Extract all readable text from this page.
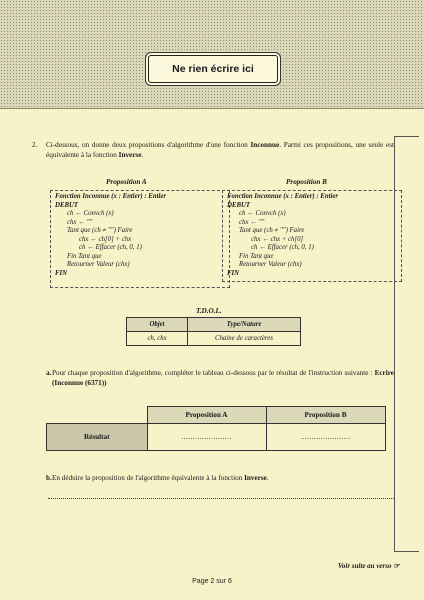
Ne rien écrire ici
2.	Ci-dessous, on donne deux propositions d'algorithme d'une fonction Inconnue. Parmi ces propositions, une seule est équivalente à la fonction Inverse.
Proposition A	Proposition B
Fonction Inconnue (x : Entier) : Entier
DEBUT
ch ← Convch (x)
chx ← ""
Tant que (ch ≠ "") Faire
chx ← ch[0] + chx
ch ← Effacer (ch, 0, 1)
Fin Tant que
Retourner Valeur (chx)
FIN
Fonction Inconnue (x : Entier) : Entier
DEBUT
ch ← Convch (x)
chx ← ""
Tant que (ch ≠ "") Faire
chx ← chx + ch[0]
ch ← Effacer (ch, 0, 1)
Fin Tant que
Retourner Valeur (chx)
FIN
T.D.O.L.
Objet	Type/Nature
ch, chx	Chaine de caractères
a. Pour chaque proposition d'algorithme, compléter le tableau ci-dessous par le résultat de l'instruction suivante : Ecrire (Inconnue (6371))
	Proposition A	Proposition B
Résultat	......................	......................
b. En déduire la proposition de l'algorithme équivalente à la fonction Inverse.
Voir suite au verso ☞
Page 2 sur 6
